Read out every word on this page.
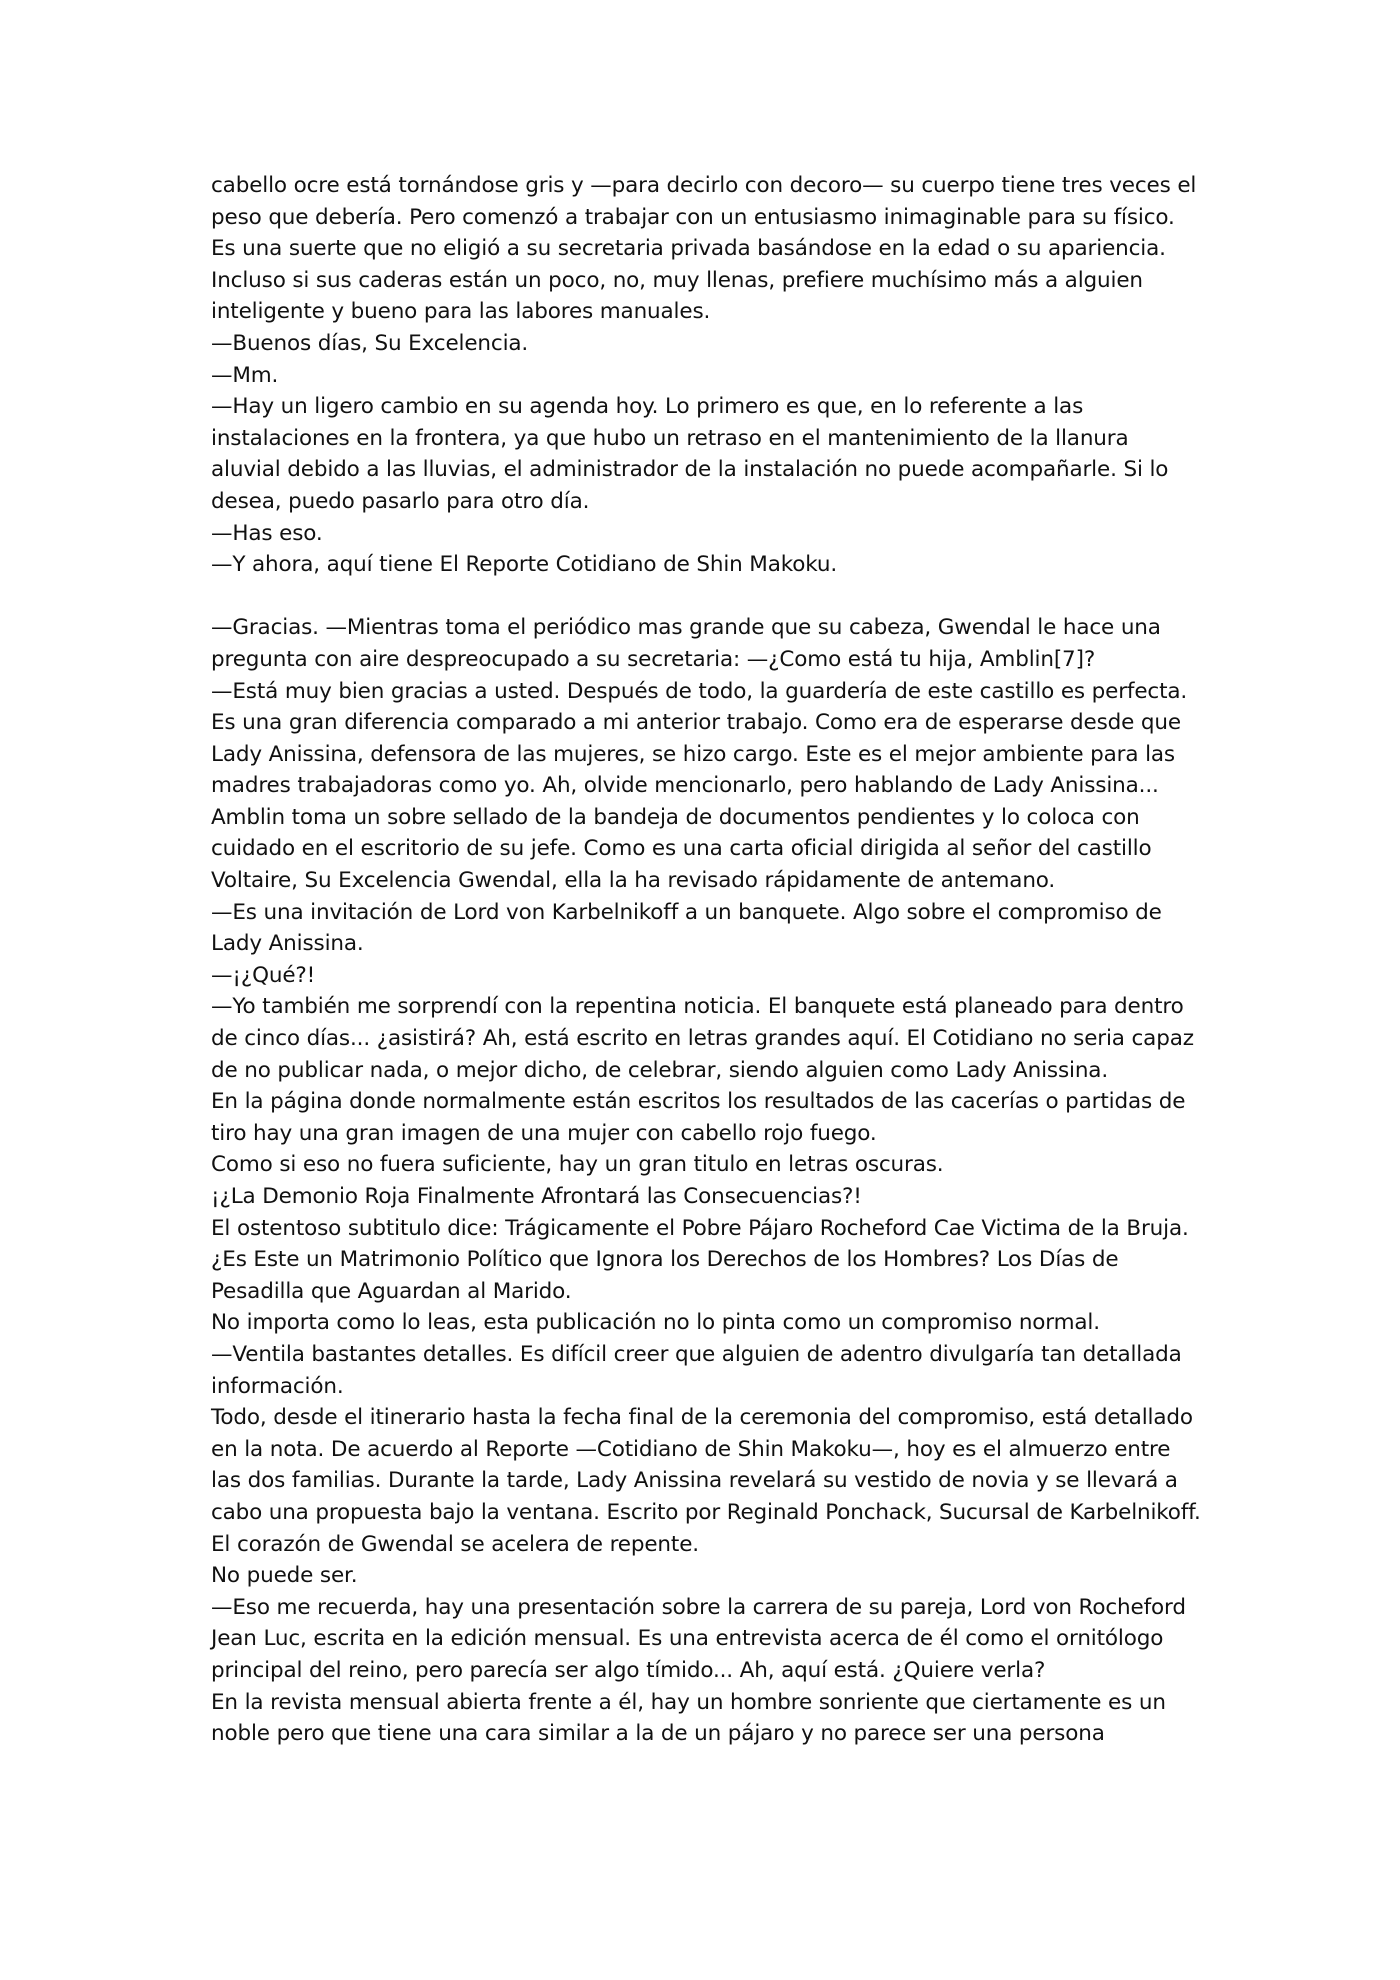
cabello ocre está tornándose gris y —para decirlo con decoro— su cuerpo tiene tres veces el
peso que debería. Pero comenzó a trabajar con un entusiasmo inimaginable para su físico.
Es una suerte que no eligió a su secretaria privada basándose en la edad o su apariencia.
Incluso si sus caderas están un poco, no, muy llenas, prefiere muchísimo más a alguien
inteligente y bueno para las labores manuales.
—Buenos días, Su Excelencia.
—Mm.
—Hay un ligero cambio en su agenda hoy. Lo primero es que, en lo referente a las
instalaciones en la frontera, ya que hubo un retraso en el mantenimiento de la llanura
aluvial debido a las lluvias, el administrador de la instalación no puede acompañarle. Si lo
desea, puedo pasarlo para otro día.
—Has eso.
—Y ahora, aquí tiene El Reporte Cotidiano de Shin Makoku.
—Gracias. —Mientras toma el periódico mas grande que su cabeza, Gwendal le hace una
pregunta con aire despreocupado a su secretaria: —¿Como está tu hija, Amblin[7]?
—Está muy bien gracias a usted. Después de todo, la guardería de este castillo es perfecta.
Es una gran diferencia comparado a mi anterior trabajo. Como era de esperarse desde que
Lady Anissina, defensora de las mujeres, se hizo cargo. Este es el mejor ambiente para las
madres trabajadoras como yo. Ah, olvide mencionarlo, pero hablando de Lady Anissina...
Amblin toma un sobre sellado de la bandeja de documentos pendientes y lo coloca con
cuidado en el escritorio de su jefe. Como es una carta oficial dirigida al señor del castillo
Voltaire, Su Excelencia Gwendal, ella la ha revisado rápidamente de antemano.
—Es una invitación de Lord von Karbelnikoff a un banquete. Algo sobre el compromiso de
Lady Anissina.
—¡¿Qué?!
—Yo también me sorprendí con la repentina noticia. El banquete está planeado para dentro
de cinco días... ¿asistirá? Ah, está escrito en letras grandes aquí. El Cotidiano no seria capaz
de no publicar nada, o mejor dicho, de celebrar, siendo alguien como Lady Anissina.
En la página donde normalmente están escritos los resultados de las cacerías o partidas de
tiro hay una gran imagen de una mujer con cabello rojo fuego.
Como si eso no fuera suficiente, hay un gran titulo en letras oscuras.
¡¿La Demonio Roja Finalmente Afrontará las Consecuencias?!
El ostentoso subtitulo dice: Trágicamente el Pobre Pájaro Rocheford Cae Victima de la Bruja.
¿Es Este un Matrimonio Político que Ignora los Derechos de los Hombres? Los Días de
Pesadilla que Aguardan al Marido.
No importa como lo leas, esta publicación no lo pinta como un compromiso normal.
—Ventila bastantes detalles. Es difícil creer que alguien de adentro divulgaría tan detallada
información.
Todo, desde el itinerario hasta la fecha final de la ceremonia del compromiso, está detallado
en la nota. De acuerdo al Reporte —Cotidiano de Shin Makoku—, hoy es el almuerzo entre
las dos familias. Durante la tarde, Lady Anissina revelará su vestido de novia y se llevará a
cabo una propuesta bajo la ventana. Escrito por Reginald Ponchack, Sucursal de Karbelnikoff.
El corazón de Gwendal se acelera de repente.
No puede ser.
—Eso me recuerda, hay una presentación sobre la carrera de su pareja, Lord von Rocheford
Jean Luc, escrita en la edición mensual. Es una entrevista acerca de él como el ornitólogo
principal del reino, pero parecía ser algo tímido... Ah, aquí está. ¿Quiere verla?
En la revista mensual abierta frente a él, hay un hombre sonriente que ciertamente es un
noble pero que tiene una cara similar a la de un pájaro y no parece ser una persona
